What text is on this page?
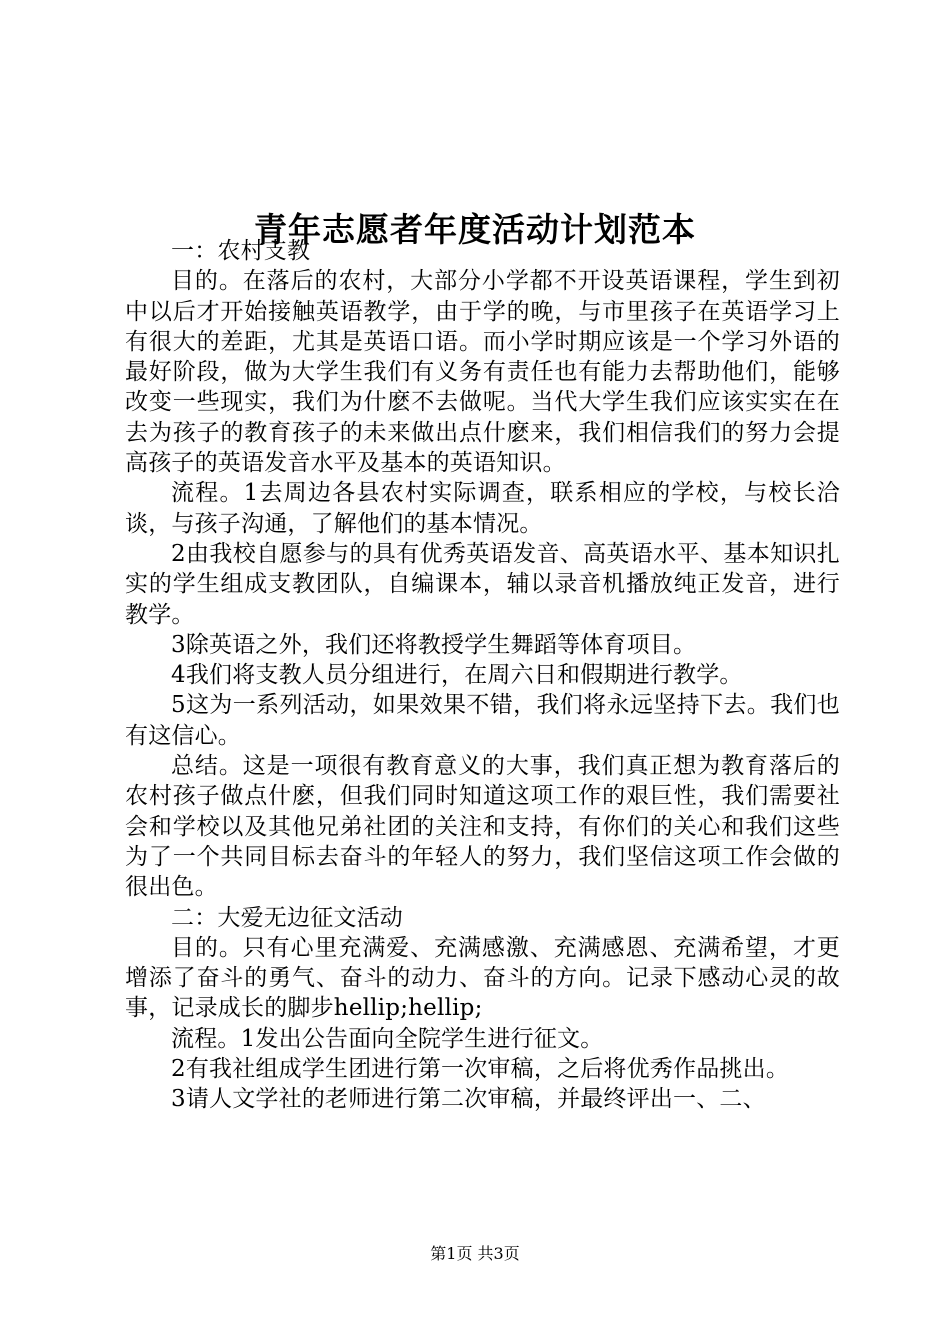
青年志愿者年度活动计划范本

一：农村支教

目的。在落后的农村，大部分小学都不开设英语课程，学生到初中以后才开始接触英语教学，由于学的晚，与市里孩子在英语学习上有很大的差距，尤其是英语口语。而小学时期应该是一个学习外语的最好阶段，做为大学生我们有义务有责任也有能力去帮助他们，能够改变一些现实，我们为什麽不去做呢。当代大学生我们应该实实在在去为孩子的教育孩子的未来做出点什麽来，我们相信我们的努力会提高孩子的英语发音水平及基本的英语知识。

流程。1去周边各县农村实际调查，联系相应的学校，与校长洽谈，与孩子沟通，了解他们的基本情况。

2由我校自愿参与的具有优秀英语发音、高英语水平、基本知识扎实的学生组成支教团队，自编课本，辅以录音机播放纯正发音，进行教学。

3除英语之外，我们还将教授学生舞蹈等体育项目。

4我们将支教人员分组进行，在周六日和假期进行教学。

5这为一系列活动，如果效果不错，我们将永远坚持下去。我们也有这信心。

总结。这是一项很有教育意义的大事，我们真正想为教育落后的农村孩子做点什麽，但我们同时知道这项工作的艰巨性，我们需要社会和学校以及其他兄弟社团的关注和支持，有你们的关心和我们这些为了一个共同目标去奋斗的年轻人的努力，我们坚信这项工作会做的很出色。

二：大爱无边征文活动

目的。只有心里充满爱、充满感激、充满感恩、充满希望，才更增添了奋斗的勇气、奋斗的动力、奋斗的方向。记录下感动心灵的故事，记录成长的脚步hellip;hellip;

流程。1发出公告面向全院学生进行征文。

2有我社组成学生团进行第一次审稿，之后将优秀作品挑出。

3请人文学社的老师进行第二次审稿，并最终评出一、二、

第1页 共3页
